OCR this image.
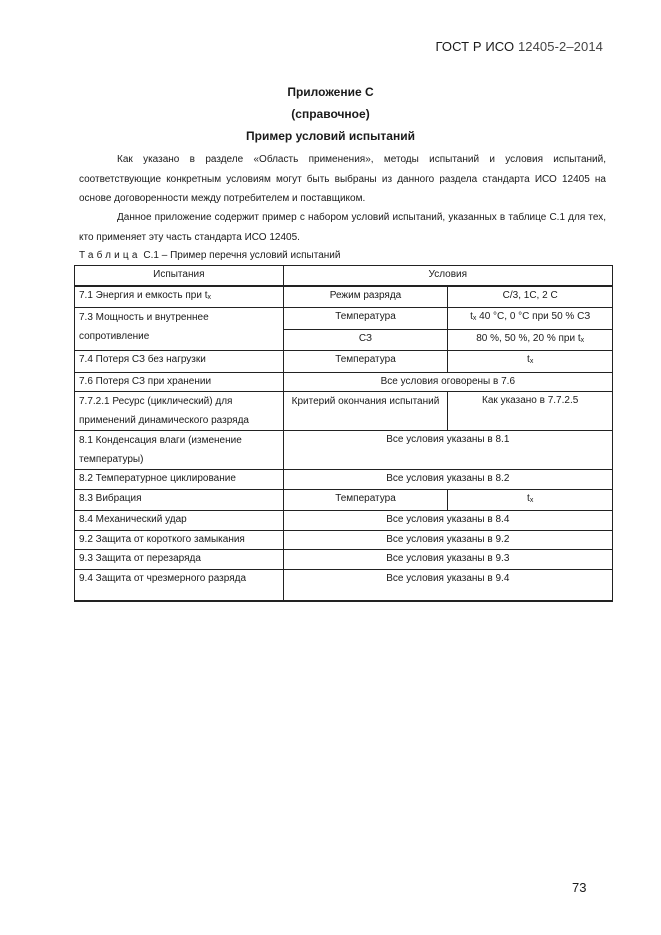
ГОСТ Р ИСО 12405-2–2014
Приложение С
(справочное)
Пример условий испытаний
Как указано в разделе «Область применения», методы испытаний и условия испытаний, соответствующие конкретным условиям могут быть выбраны из данного раздела стандарта ИСО 12405 на основе договоренности между потребителем и поставщиком.
Данное приложение содержит пример с набором условий испытаний, указанных в таблице С.1 для тех, кто применяет эту часть стандарта ИСО 12405.
Таблица С.1 – Пример перечня условий испытаний
Испытания	Условия	
7.1 Энергия и емкость при $t_x$	Режим разряда	С/3, 1С, 2 С
7.3 Мощность и внутреннее сопротивление	Температура	$t_x$ 40 °С, 0 °С при 50 % СЗ
	СЗ	80 %, 50 %, 20 % при $t_x$
7.4 Потеря СЗ без нагрузки	Температура	$t_x$
7.6 Потеря СЗ при хранении	Все условия оговорены в 7.6	
7.7.2.1 Ресурс (циклический) для применений динамического разряда	Критерий окончания испытаний	Как указано в 7.7.2.5
8.1 Конденсация влаги (изменение температуры)	Все условия указаны в 8.1	
8.2 Температурное циклирование	Все условия указаны в 8.2	
8.3 Вибрация	Температура	$t_x$
8.4 Механический удар	Все условия указаны в 8.4	
9.2 Защита от короткого замыкания	Все условия указаны в 9.2	
9.3 Защита от перезаряда	Все условия указаны в 9.3	
9.4 Защита от чрезмерного разряда	Все условия указаны в 9.4	
73
